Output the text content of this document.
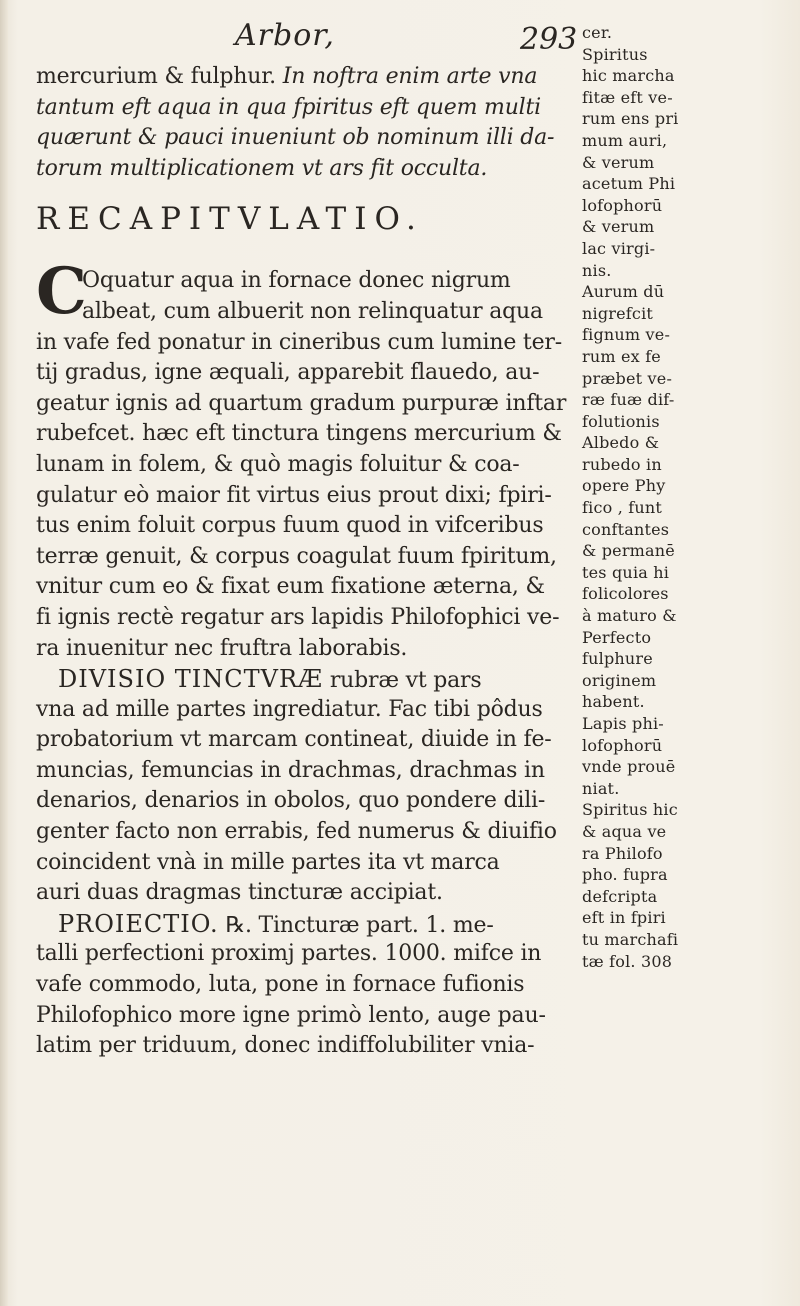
Arbor,	293
mercurium & fulphur. In noftra enim arte vna
tantum eft aqua in qua fpiritus eft quem multi
quærunt & pauci inueniunt ob nominum illi da-
torum multiplicationem vt ars fit occulta.
RECAPITVLATIO.
C
Oquatur aqua in fornace donec nigrum
albeat, cum albuerit non relinquatur aqua
in vafe fed ponatur in cineribus cum lumine ter-
tij gradus, igne æquali, apparebit flauedo, au-
geatur ignis ad quartum gradum purpuræ inftar
rubefcet. hæc eft tinctura tingens mercurium &
lunam in folem, & quò magis foluitur & coa-
gulatur eò maior fit virtus eius prout dixi; fpiri-
tus enim foluit corpus fuum quod in vifceribus
terræ genuit, & corpus coagulat fuum fpiritum,
vnitur cum eo & fixat eum fixatione æterna, &
fi ignis rectè regatur ars lapidis Philofophici ve-
ra inuenitur nec fruftra laborabis.
DIVISIO TINCTVRÆ rubræ vt pars
vna ad mille partes ingrediatur. Fac tibi pôdus
probatorium vt marcam contineat, diuide in fe-
muncias, femuncias in drachmas, drachmas in
denarios, denarios in obolos, quo pondere dili-
genter facto non errabis, fed numerus & diuifio
coincident vnà in mille partes ita vt marca
auri duas dragmas tincturæ accipiat.
PROIECTIO. ℞. Tincturæ part. 1. me-
talli perfectioni proximj partes. 1000. mifce in
vafe commodo, luta, pone in fornace fufionis
Philofophico more igne primò lento, auge pau-
latim per triduum, donec indiffolubiliter vnia-
cer.
Spiritus
hic marcha
fitæ eft ve-
rum ens pri
mum auri,
& verum
acetum Phi
lofophorū
& verum
lac virgi-
nis.
Aurum dū
nigrefcit
fignum ve-
rum ex fe
præbet ve-
ræ fuæ dif-
folutionis
Albedo &
rubedo in
opere Phy
fico , funt
conftantes
& permanē
tes quia hi
folicolores
à maturo &
Perfecto
fulphure
originem
habent.
Lapis phi-
lofophorū
vnde prouē
niat.
Spiritus hic
& aqua ve
ra Philofo
pho. fupra
defcripta
eft in fpiri
tu marchafi
tæ fol. 308
